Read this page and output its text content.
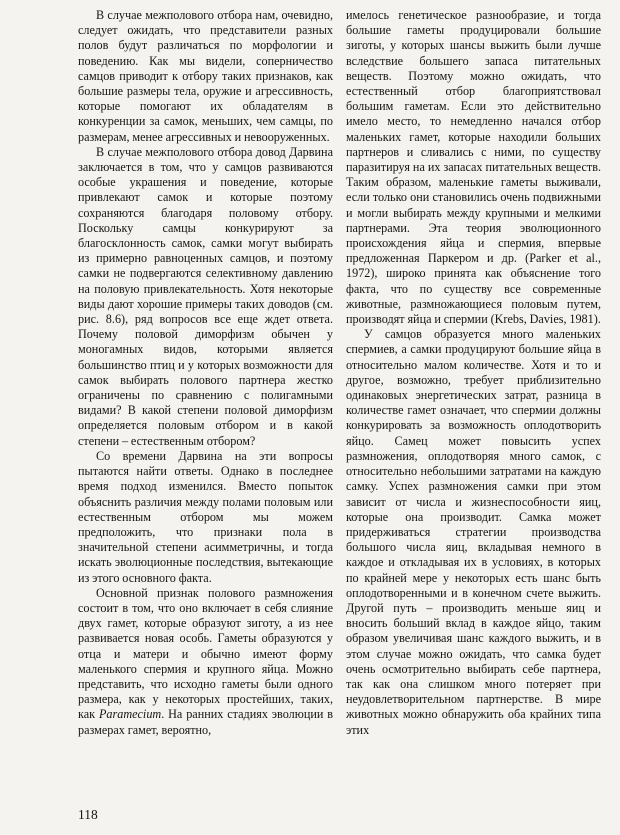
В случае межполового отбора нам, очевидно, следует ожидать, что представители разных полов будут различаться по морфологии и поведению. Как мы видели, соперничество самцов приводит к отбору таких признаков, как большие размеры тела, оружие и агрессивность, которые помогают их обладателям в конкуренции за самок, меньших, чем самцы, по размерам, менее агрессивных и невооруженных.

В случае межполового отбора довод Дарвина заключается в том, что у самцов развиваются особые украшения и поведение, которые привлекают самок и которые поэтому сохраняются благодаря половому отбору. Поскольку самцы конкурируют за благосклонность самок, самки могут выбирать из примерно равноценных самцов, и поэтому самки не подвергаются селективному давлению на половую привлекательность. Хотя некоторые виды дают хорошие примеры таких доводов (см. рис. 8.6), ряд вопросов все еще ждет ответа. Почему половой диморфизм обычен у моногамных видов, которыми является большинство птиц и у которых возможности для самок выбирать полового партнера жестко ограничены по сравнению с полигамными видами? В какой степени половой диморфизм определяется половым отбором и в какой степени – естественным отбором?

Со времени Дарвина на эти вопросы пытаются найти ответы. Однако в последнее время подход изменился. Вместо попыток объяснить различия между полами половым или естественным отбором мы можем предположить, что признаки пола в значительной степени асимметричны, и тогда искать эволюционные последствия, вытекающие из этого основного факта.

Основной признак полового размножения состоит в том, что оно включает в себя слияние двух гамет, которые образуют зиготу, а из нее развивается новая особь. Гаметы образуются у отца и матери и обычно имеют форму маленького спермия и крупного яйца. Можно представить, что исходно гаметы были одного размера, как у некоторых простейших, таких, как Paramecium. На ранних стадиях эволюции в размерах гамет, вероятно,

имелось генетическое разнообразие, и тогда большие гаметы продуцировали большие зиготы, у которых шансы выжить были лучше вследствие большего запаса питательных веществ. Поэтому можно ожидать, что естественный отбор благоприятствовал большим гаметам. Если это действительно имело место, то немедленно начался отбор маленьких гамет, которые находили больших партнеров и сливались с ними, по существу паразитируя на их запасах питательных веществ. Таким образом, маленькие гаметы выживали, если только они становились очень подвижными и могли выбирать между крупными и мелкими партнерами. Эта теория эволюционного происхождения яйца и спермия, впервые предложенная Паркером и др. (Parker et al., 1972), широко принята как объяснение того факта, что по существу все современные животные, размножающиеся половым путем, производят яйца и спермии (Krebs, Davies, 1981).

У самцов образуется много маленьких спермиев, а самки продуцируют большие яйца в относительно малом количестве. Хотя и то и другое, возможно, требует приблизительно одинаковых энергетических затрат, разница в количестве гамет означает, что спермии должны конкурировать за возможность оплодотворить яйцо. Самец может повысить успех размножения, оплодотворяя много самок, с относительно небольшими затратами на каждую самку. Успех размножения самки при этом зависит от числа и жизнеспособности яиц, которые она производит. Самка может придерживаться стратегии производства большого числа яиц, вкладывая немного в каждое и откладывая их в условиях, в которых по крайней мере у некоторых есть шанс быть оплодотворенными и в конечном счете выжить. Другой путь – производить меньше яиц и вносить больший вклад в каждое яйцо, таким образом увеличивая шанс каждого выжить, и в этом случае можно ожидать, что самка будет очень осмотрительно выбирать себе партнера, так как она слишком много потеряет при неудовлетворительном партнерстве. В мире животных можно обнаружить оба крайних типа этих

118
